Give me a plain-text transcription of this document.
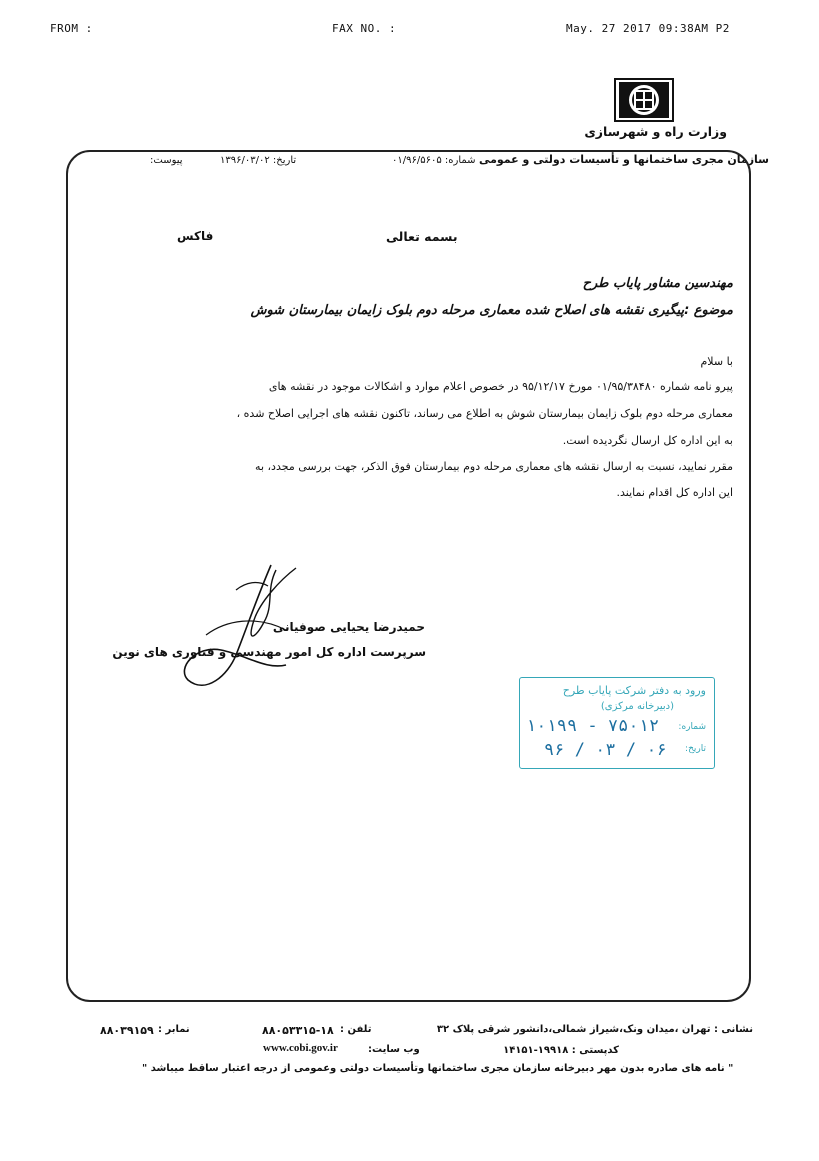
FROM :	FAX NO. :	May. 27 2017 09:38AM P2
وزارت راه و شهرسازی
سازمان مجری ساختمانها و تأسیسات دولتی و عمومی
شماره: ۰۱/۹۶/۵۶۰۵
تاریخ: ۱۳۹۶/۰۳/۰۲
پیوست:
بسمه تعالی
فاکس
مهندسین مشاور پایاب طرح
موضوع :پیگیری نقشه های اصلاح شده معماری مرحله دوم بلوک زایمان بیمارستان شوش
با سلام
پیرو نامه شماره ۰۱/۹۵/۳۸۴۸۰ مورخ ۹۵/۱۲/۱۷ در خصوص اعلام موارد و اشکالات موجود در نقشه های
معماری مرحله دوم بلوک زایمان بیمارستان شوش به اطلاع می رساند، تاکنون نقشه های اجرایی اصلاح شده ،
به این اداره کل ارسال نگردیده است.
مقرر نمایید، نسبت به ارسال نقشه های معماری مرحله دوم بیمارستان فوق الذکر، جهت بررسی مجدد، به
این اداره کل اقدام نمایند.
حمیدرضا یحیایی صوفیانی
سرپرست اداره کل امور مهندسی و فناوری های نوین
ورود به دفتر شرکت پایاب طرح
(دبیرخانه مرکزی)
شماره:
۱۰۱۹۹ - ۷۵۰۱۲
تاریخ:
۹۶ / ۰۳ / ۰۶
نشانی : تهران ،میدان ونک،شیراز شمالی،دانشور شرقی پلاک ۳۲
تلفن :
۸۸۰۵۳۳۱۵-۱۸
نمابر :
۸۸۰۳۹۱۵۹
کدپستی : ۱۹۹۱۸-۱۴۱۵۱
وب سایت:
www.cobi.gov.ir
" نامه های صادره بدون مهر دبیرخانه سازمان مجری ساختمانها وتأسیسات دولتی وعمومی از درجه اعتبار ساقط میباشد "
